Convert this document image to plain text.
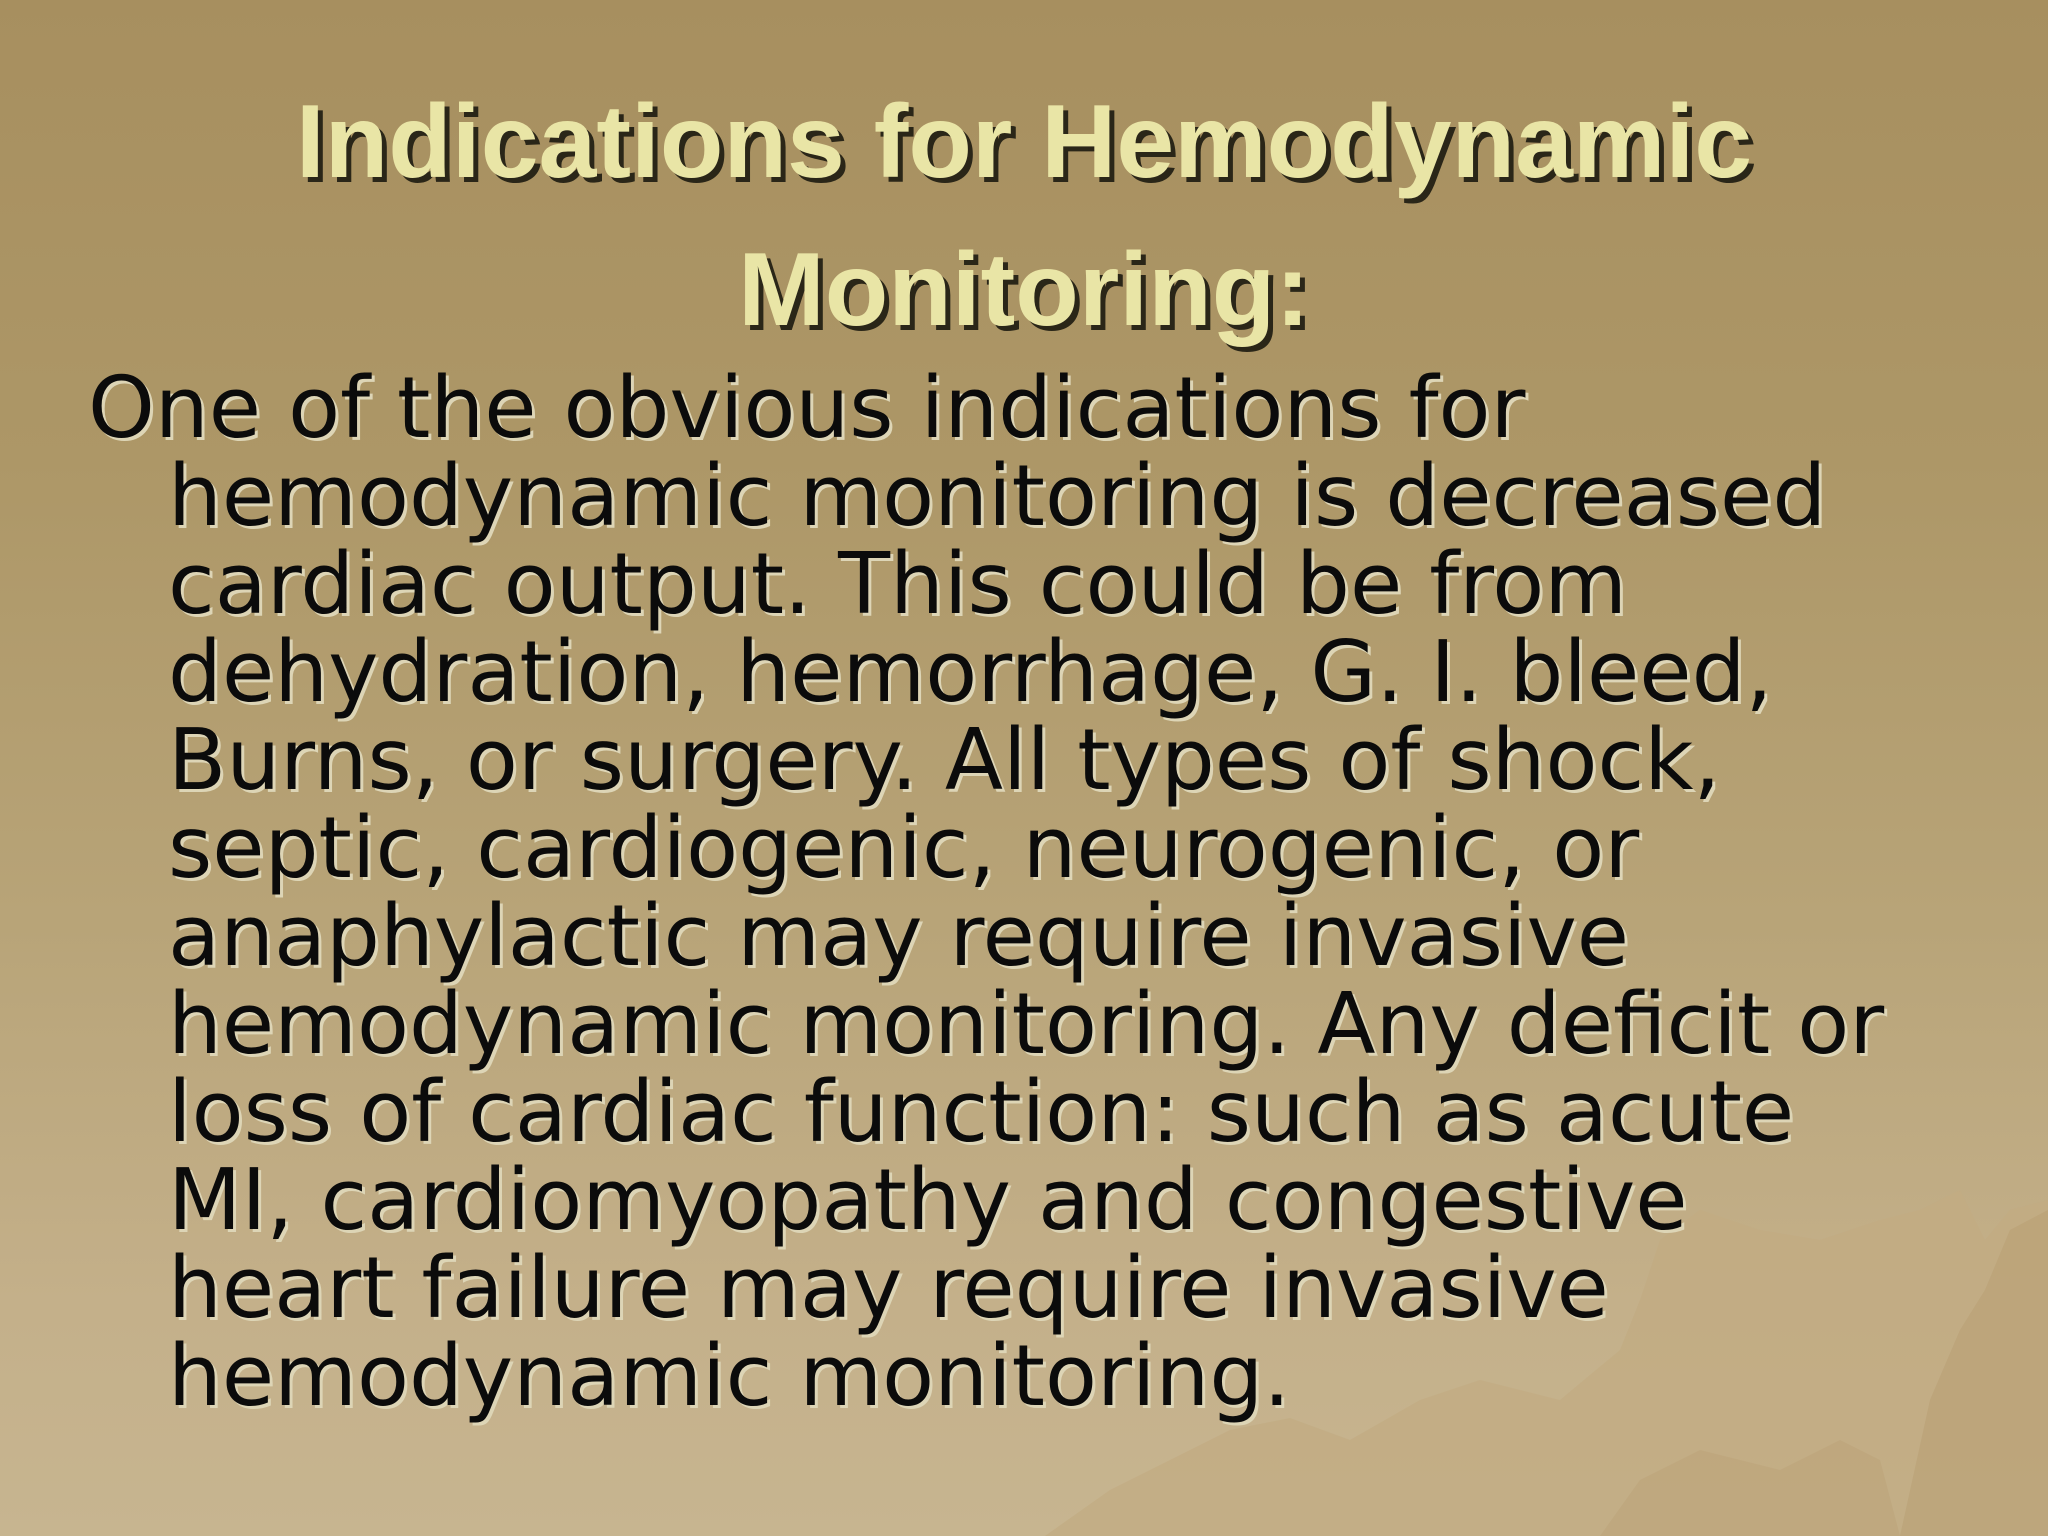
Indications for Hemodynamic
Monitoring:

One of the obvious indications for
hemodynamic monitoring is decreased
cardiac output. This could be from
dehydration, hemorrhage, G. I. bleed,
Burns, or surgery. All types of shock,
septic, cardiogenic, neurogenic, or
anaphylactic may require invasive
hemodynamic monitoring. Any deficit or
loss of cardiac function: such as acute
MI, cardiomyopathy and congestive
heart failure may require invasive
hemodynamic monitoring.
